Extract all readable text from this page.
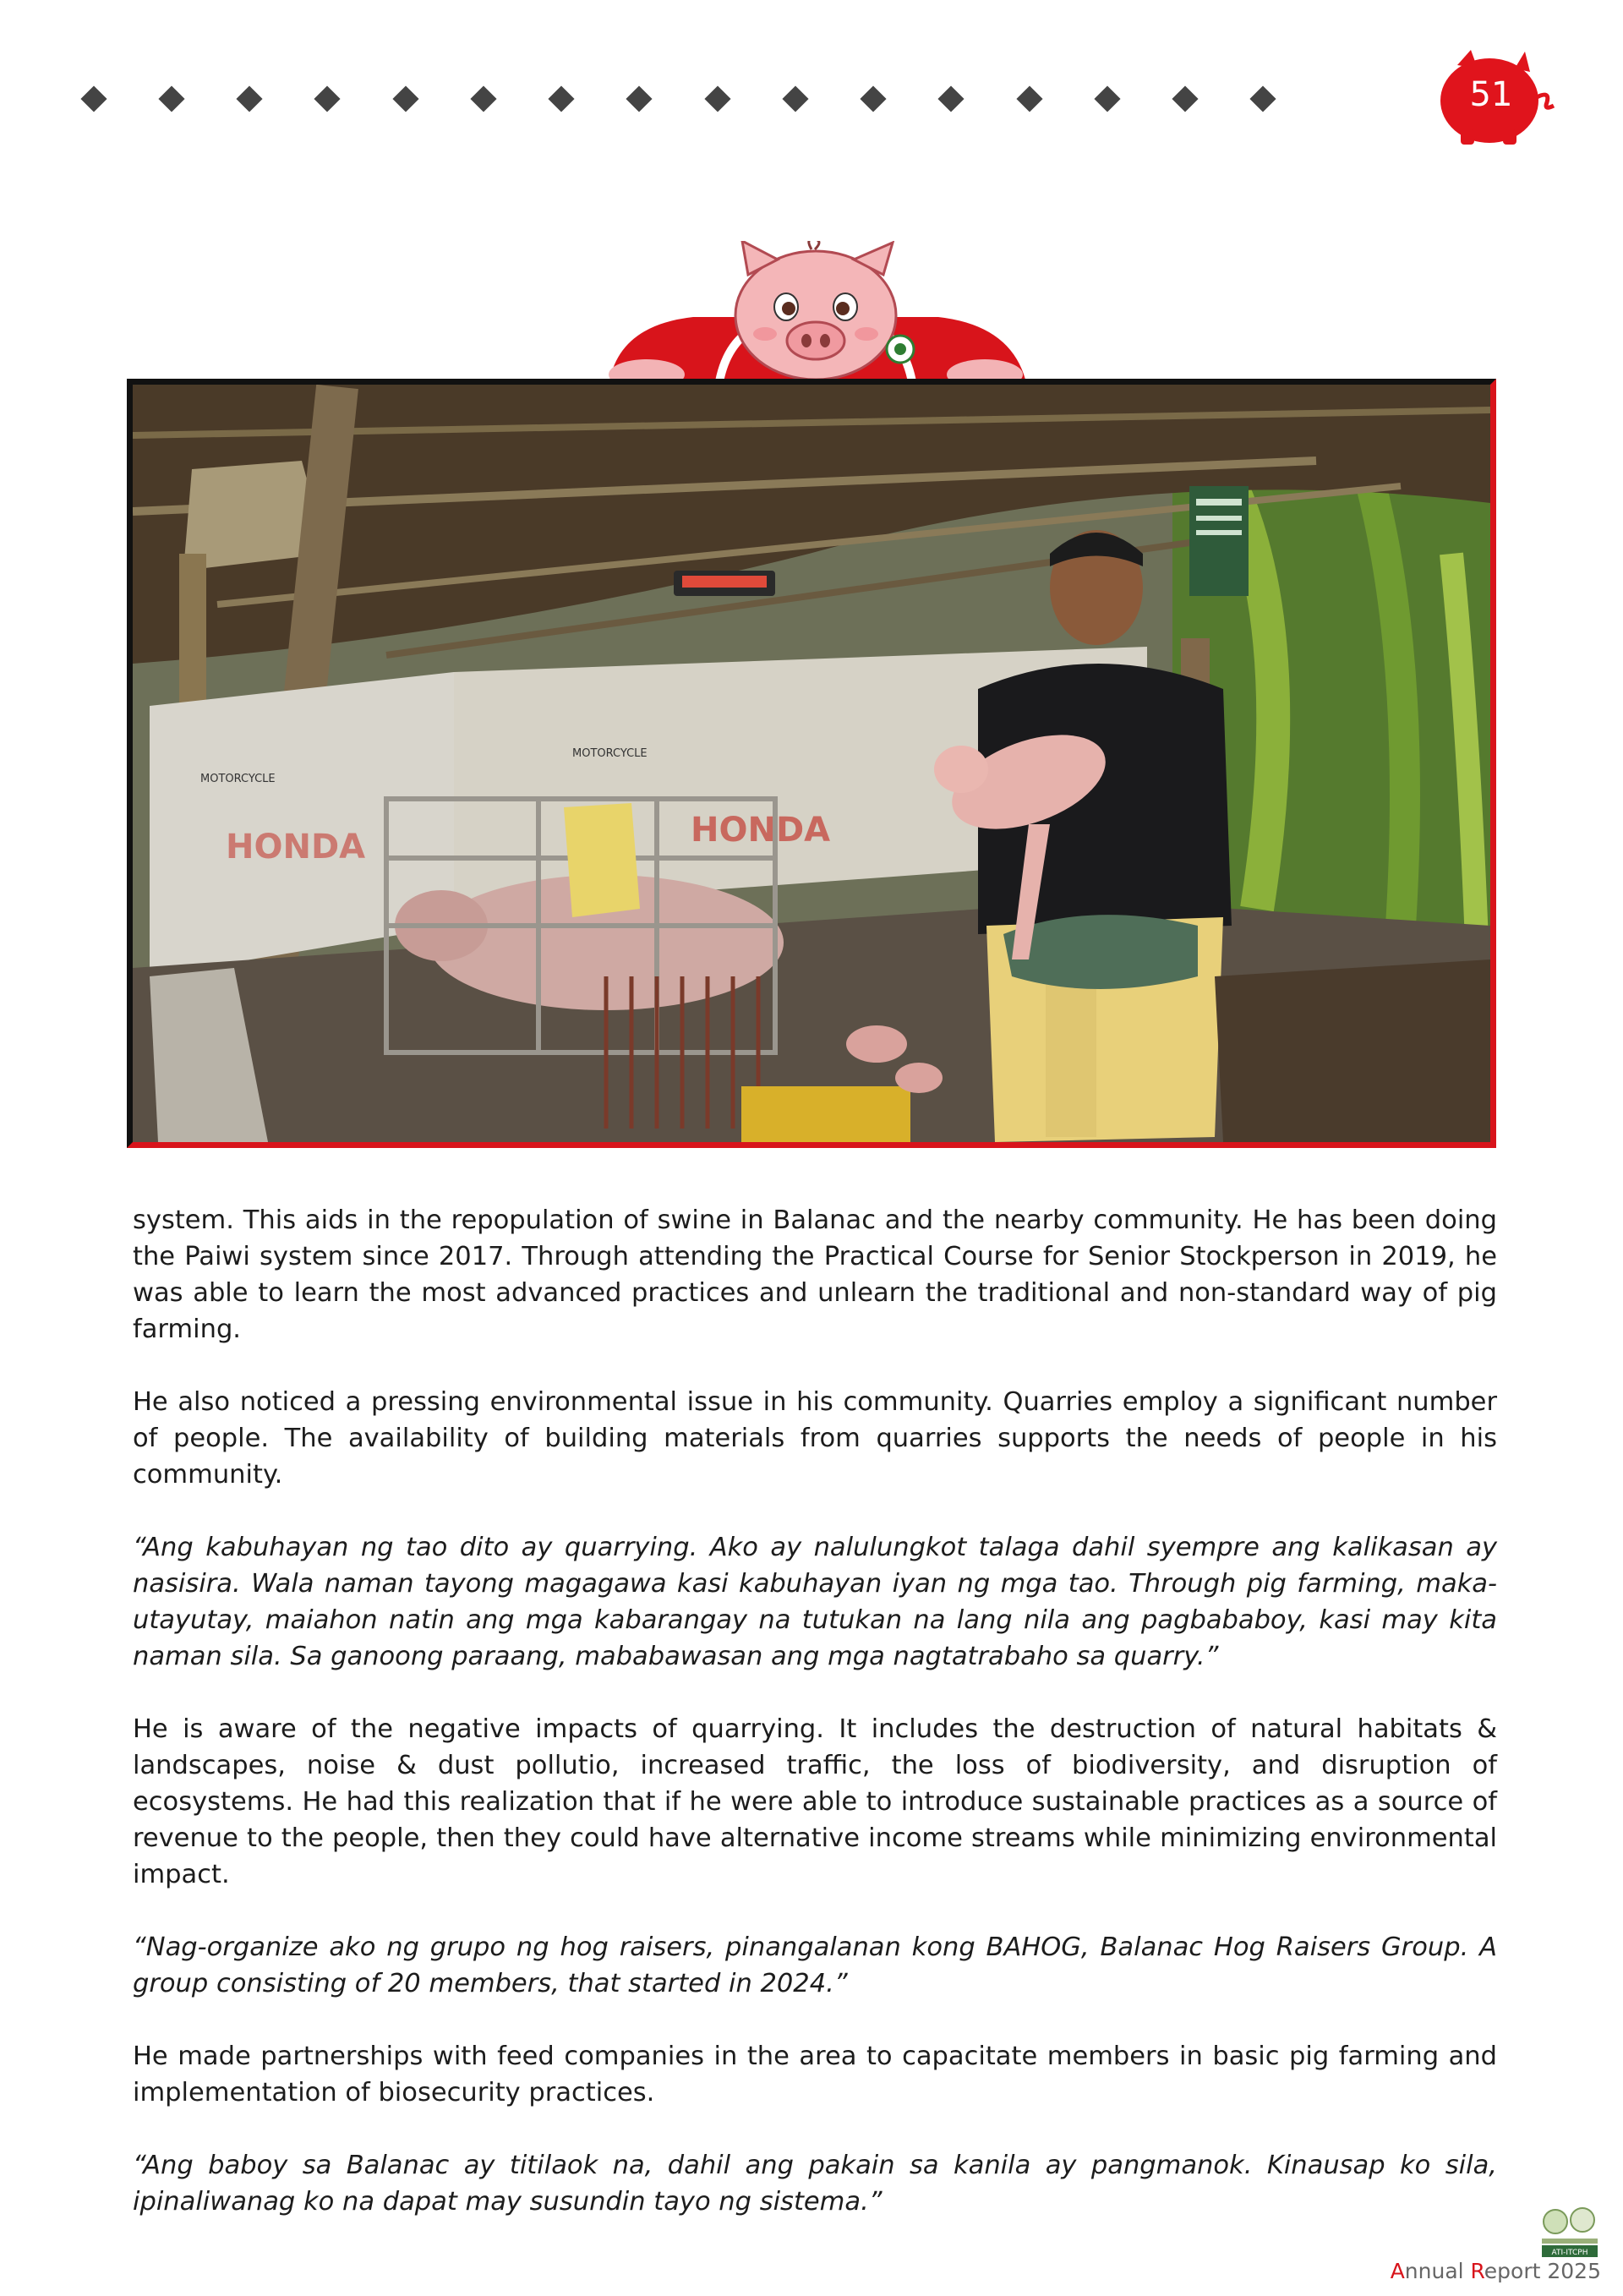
51
MOTORCYCLE
MOTORCYCLE
HONDA
HONDA

system. This aids in the repopulation of swine in Balanac and the nearby community. He has been doing the Paiwi system since 2017. Through attending the Practical Course for Senior Stockperson in 2019, he was able to learn the most advanced practices and unlearn the traditional and non-standard way of pig farming.

He also noticed a pressing environmental issue in his community. Quarries employ a significant number of people. The availability of building materials from quarries supports the needs of people in his community.

“Ang kabuhayan ng tao dito ay quarrying. Ako ay nalulungkot talaga dahil syempre ang kalikasan ay nasisira. Wala naman tayong magagawa kasi kabuhayan iyan ng mga tao. Through pig farming, maka-utayutay, maiahon natin ang mga kabarangay na tutukan na lang nila ang pagbababoy, kasi may kita naman sila. Sa ganoong paraang, mababawasan ang mga nagtatrabaho sa quarry.”

He is aware of the negative impacts of quarrying. It includes the destruction of natural habitats & landscapes, noise & dust pollutio, increased traffic, the loss of biodiversity, and disruption of ecosystems. He had this realization that if he were able to introduce sustainable practices as a source of revenue to the people, then they could have alternative income streams while minimizing environmental impact.

“Nag-organize ako ng grupo ng hog raisers, pinangalanan kong BAHOG, Balanac Hog Raisers Group. A group consisting of 20 members, that started in 2024.”

He made partnerships with feed companies in the area to capacitate members in basic pig farming and implementation of biosecurity practices.

“Ang baboy sa Balanac ay titilaok na, dahil ang pakain sa kanila ay pangmanok. Kinausap ko sila, ipinaliwanag ko na dapat may susundin tayo ng sistema.”

ATI-ITCPH
Annual Report 2025
